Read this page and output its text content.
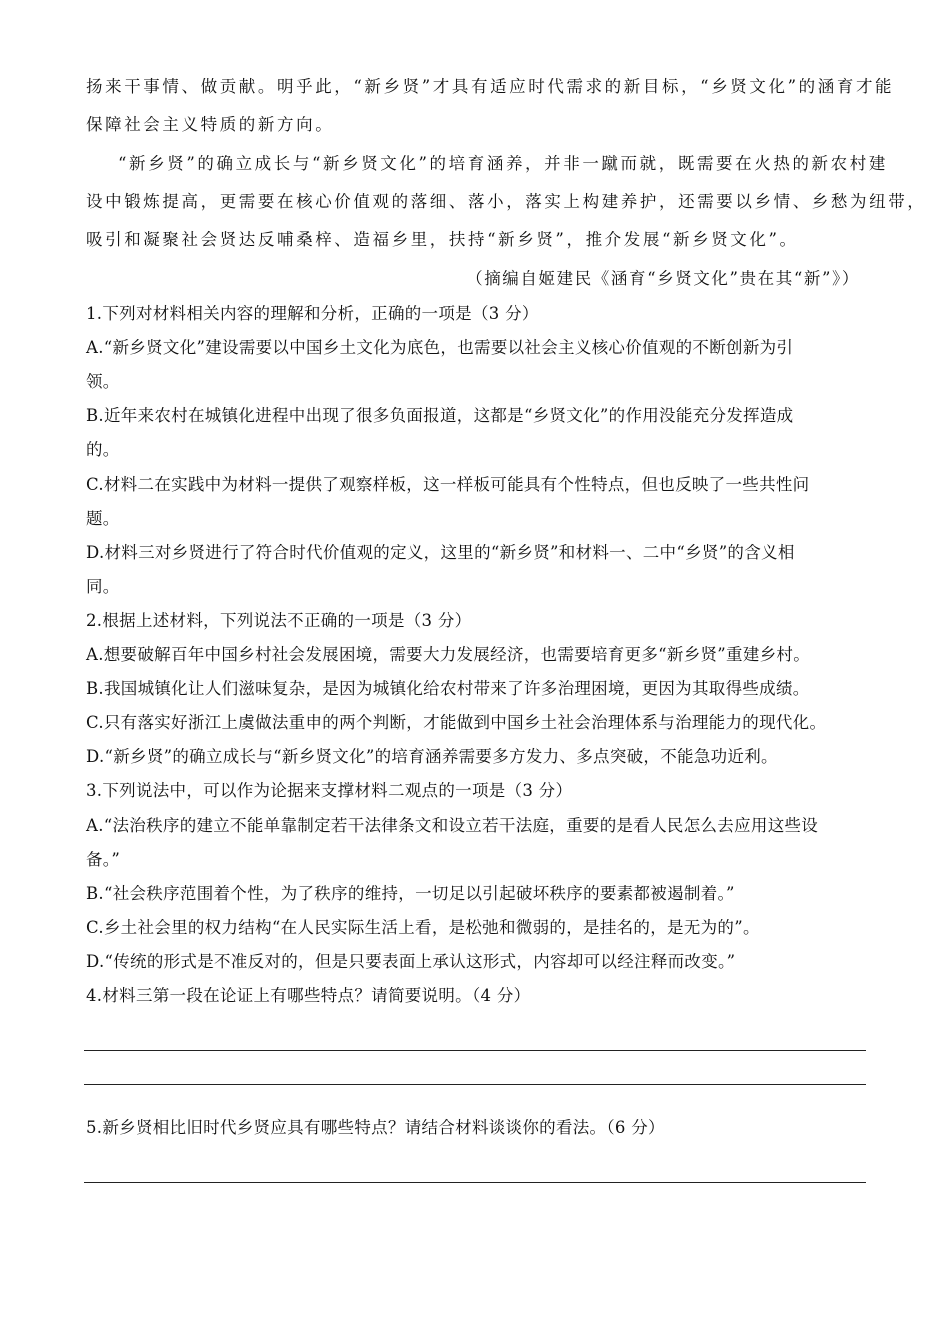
扬来干事情、做贡献。明乎此，“新乡贤”才具有适应时代需求的新目标，“乡贤文化”的涵育才能
保障社会主义特质的新方向。
“新乡贤”的确立成长与“新乡贤文化”的培育涵养，并非一蹴而就，既需要在火热的新农村建
设中锻炼提高，更需要在核心价值观的落细、落小，落实上构建养护，还需要以乡情、乡愁为纽带，
吸引和凝聚社会贤达反哺桑梓、造福乡里，扶持“新乡贤”，推介发展“新乡贤文化”。
（摘编自姬建民《涵育“乡贤文化”贵在其“新”》）
1.下列对材料相关内容的理解和分析，正确的一项是（3 分）
A.“新乡贤文化”建设需要以中国乡土文化为底色，也需要以社会主义核心价值观的不断创新为引
领。
B.近年来农村在城镇化进程中出现了很多负面报道，这都是“乡贤文化”的作用没能充分发挥造成
的。
C.材料二在实践中为材料一提供了观察样板，这一样板可能具有个性特点，但也反映了一些共性问
题。
D.材料三对乡贤进行了符合时代价值观的定义，这里的“新乡贤”和材料一、二中“乡贤”的含义相
同。
2.根据上述材料，下列说法不正确的一项是（3 分）
A.想要破解百年中国乡村社会发展困境，需要大力发展经济，也需要培育更多“新乡贤”重建乡村。
B.我国城镇化让人们滋味复杂，是因为城镇化给农村带来了许多治理困境，更因为其取得些成绩。
C.只有落实好浙江上虞做法重申的两个判断，才能做到中国乡土社会治理体系与治理能力的现代化。
D.“新乡贤”的确立成长与“新乡贤文化”的培育涵养需要多方发力、多点突破，不能急功近利。
3.下列说法中，可以作为论据来支撑材料二观点的一项是（3 分）
A.“法治秩序的建立不能单靠制定若干法律条文和设立若干法庭，重要的是看人民怎么去应用这些设
备。”
B.“社会秩序范围着个性，为了秩序的维持，一切足以引起破坏秩序的要素都被遏制着。”
C.乡土社会里的权力结构“在人民实际生活上看，是松弛和微弱的，是挂名的，是无为的”。
D.“传统的形式是不准反对的，但是只要表面上承认这形式，内容却可以经注释而改变。”
4.材料三第一段在论证上有哪些特点？请简要说明。（4 分）
5.新乡贤相比旧时代乡贤应具有哪些特点？请结合材料谈谈你的看法。（6 分）
